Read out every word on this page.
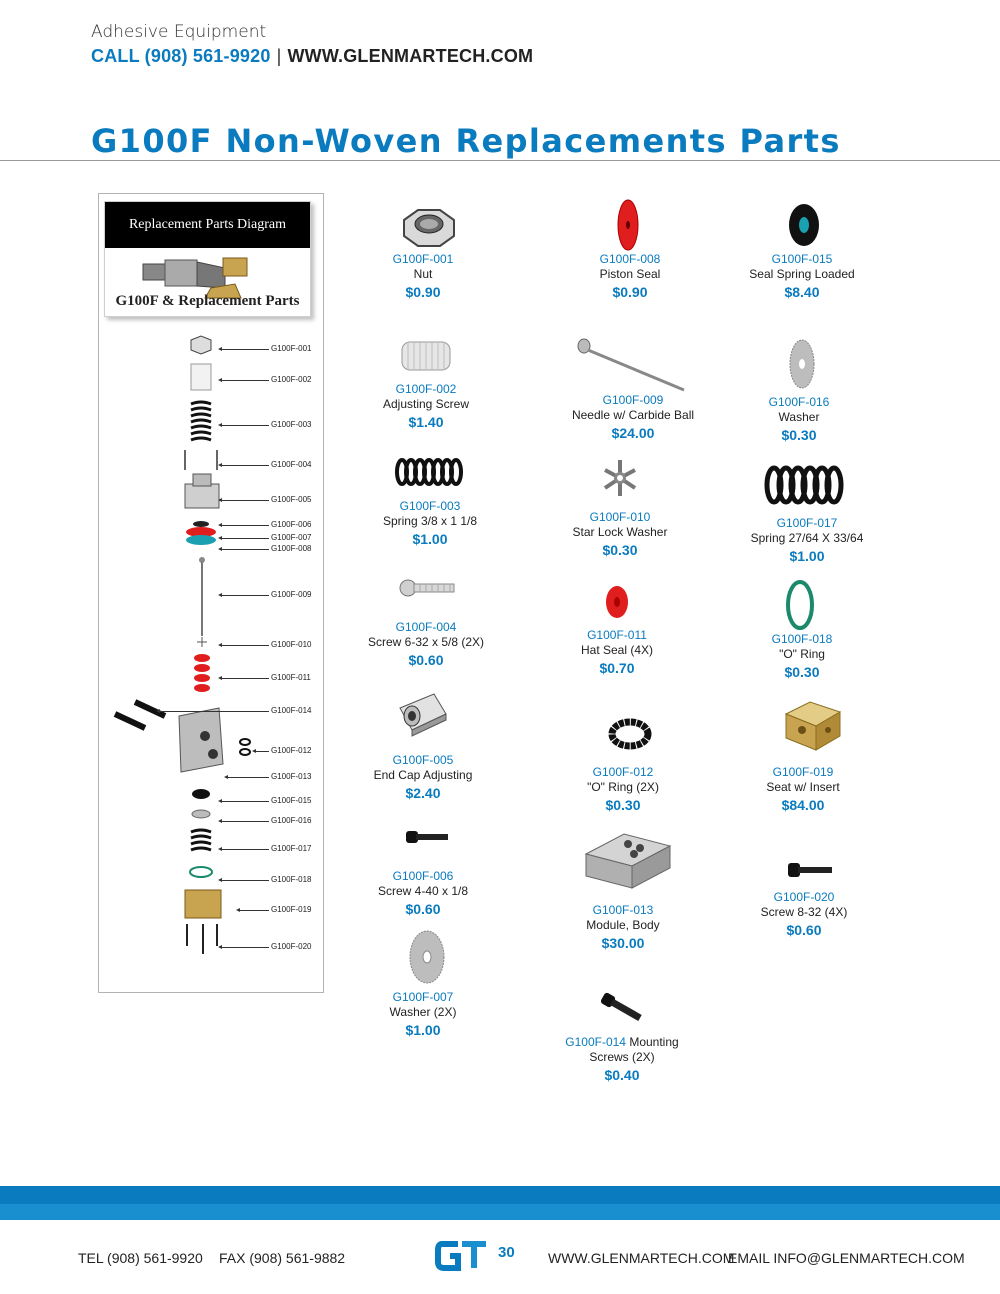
Adhesive Equipment
CALL (908) 561-9920 | WWW.GLENMARTECH.COM
G100F Non-Woven Replacements Parts
Replacement Parts Diagram
G100F & Replacement Parts
G100F-001
G100F-002
G100F-003
G100F-004
G100F-005
G100F-006
G100F-007
G100F-008
G100F-009
G100F-010
G100F-011
G100F-014
G100F-012
G100F-013
G100F-015
G100F-016
G100F-017
G100F-018
G100F-019
G100F-020
G100F-001
Nut
$0.90
G100F-002
Adjusting Screw
$1.40
G100F-003
Spring 3/8 x 1 1/8
$1.00
G100F-004
Screw 6-32 x 5/8 (2X)
$0.60
G100F-005
End Cap Adjusting
$2.40
G100F-006
Screw 4-40 x 1/8
$0.60
G100F-007
Washer (2X)
$1.00
G100F-008
Piston Seal
$0.90
G100F-009
Needle w/ Carbide Ball
$24.00
G100F-010
Star Lock Washer
$0.30
G100F-011
Hat Seal (4X)
$0.70
G100F-012
"O" Ring (2X)
$0.30
G100F-013
Module, Body
$30.00
G100F-014 Mounting
Screws (2X)
$0.40
G100F-015
Seal Spring Loaded
$8.40
G100F-016
Washer
$0.30
G100F-017
Spring 27/64 X 33/64
$1.00
G100F-018
"O" Ring
$0.30
G100F-019
Seat w/ Insert
$84.00
G100F-020
Screw 8-32 (4X)
$0.60
TEL (908) 561-9920 FAX (908) 561-9882
GT
30 WWW.GLENMARTECH.COM
EMAIL INFO@GLENMARTECH.COM
